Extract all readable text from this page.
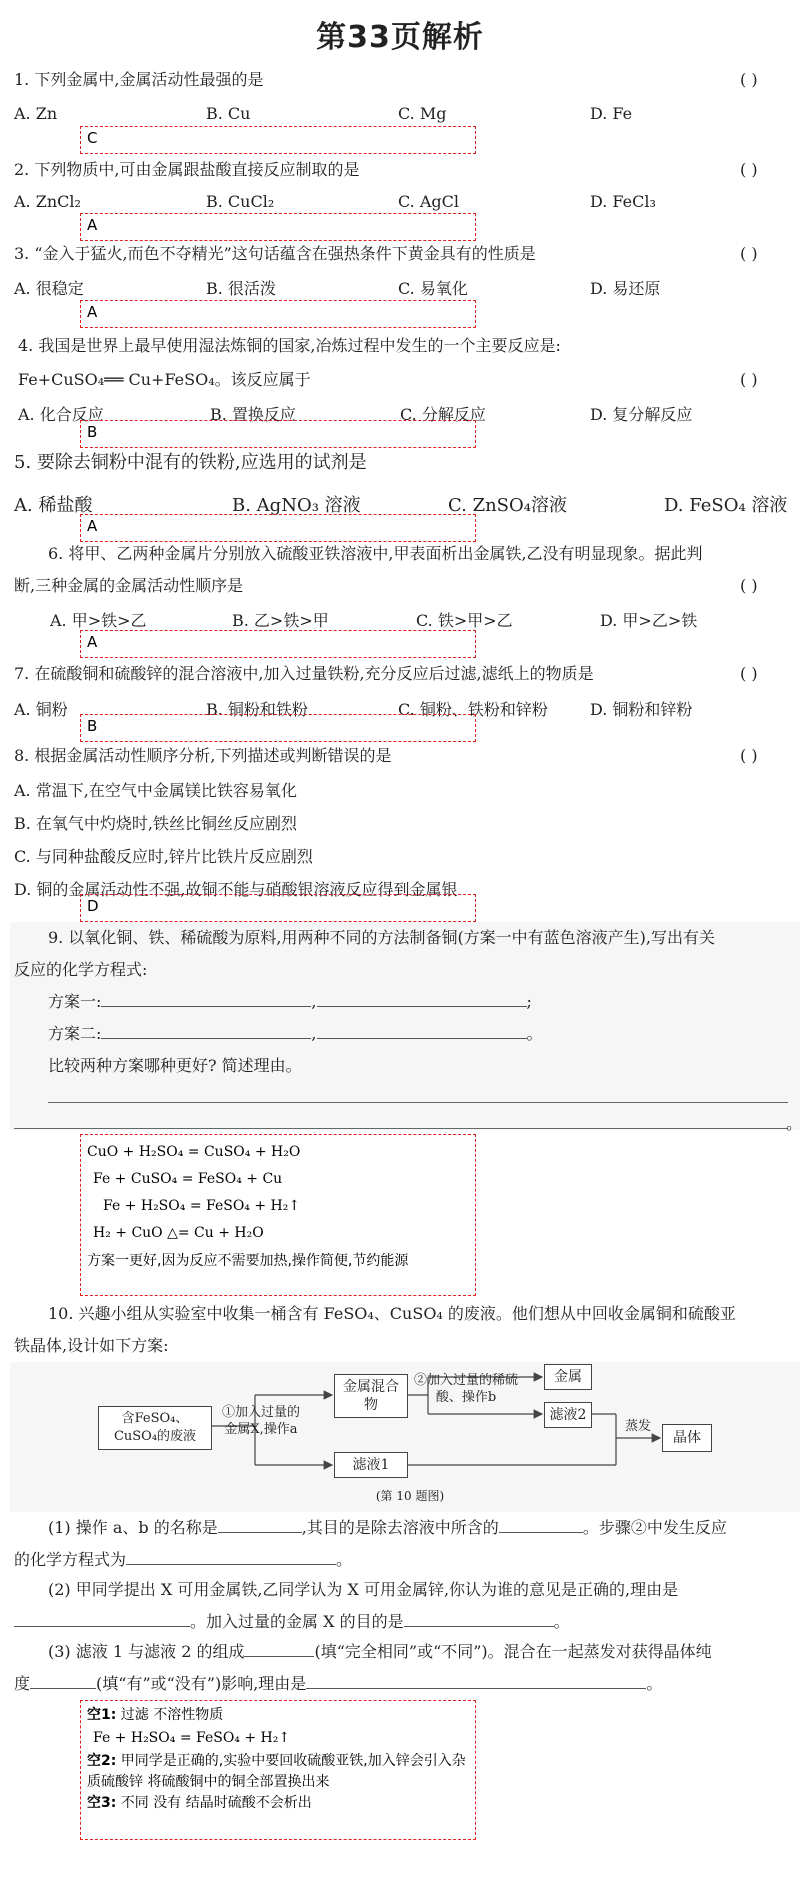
第33页解析
1. 下列金属中,金属活动性最强的是	( )
A. Zn	B. Cu	C. Mg	D. Fe
C
2. 下列物质中,可由金属跟盐酸直接反应制取的是	( )
A. ZnCl₂	B. CuCl₂	C. AgCl	D. FeCl₃
A
3. “金入于猛火,而色不夺精光”这句话蕴含在强热条件下黄金具有的性质是	( )
A. 很稳定	B. 很活泼	C. 易氧化	D. 易还原
A
4. 我国是世界上最早使用湿法炼铜的国家,冶炼过程中发生的一个主要反应是:
Fe+CuSO₄══ Cu+FeSO₄。该反应属于	( )
A. 化合反应	B. 置换反应	C. 分解反应	D. 复分解反应
B
5. 要除去铜粉中混有的铁粉,应选用的试剂是
A. 稀盐酸	B. AgNO₃ 溶液	C. ZnSO₄溶液	D. FeSO₄ 溶液
A
6. 将甲、乙两种金属片分别放入硫酸亚铁溶液中,甲表面析出金属铁,乙没有明显现象。据此判
断,三种金属的金属活动性顺序是	( )
A. 甲>铁>乙	B. 乙>铁>甲	C. 铁>甲>乙	D. 甲>乙>铁
A
7. 在硫酸铜和硫酸锌的混合溶液中,加入过量铁粉,充分反应后过滤,滤纸上的物质是	( )
A. 铜粉	B. 铜粉和铁粉	C. 铜粉、铁粉和锌粉	D. 铜粉和锌粉
B
8. 根据金属活动性顺序分析,下列描述或判断错误的是	( )
A. 常温下,在空气中金属镁比铁容易氧化
B. 在氧气中灼烧时,铁丝比铜丝反应剧烈
C. 与同种盐酸反应时,锌片比铁片反应剧烈
D. 铜的金属活动性不强,故铜不能与硝酸银溶液反应得到金属银
D
9. 以氧化铜、铁、稀硫酸为原料,用两种不同的方法制备铜(方案一中有蓝色溶液产生),写出有关
反应的化学方程式:
方案一:	,	;
方案二:	,	。
比较两种方案哪种更好? 简述理由。
。
CuO + H₂SO₄ = CuSO₄ + H₂O
Fe + CuSO₄ = FeSO₄ + Cu
Fe + H₂SO₄ = FeSO₄ + H₂↑
H₂ + CuO △= Cu + H₂O
方案一更好,因为反应不需要加热,操作简便,节约能源
10. 兴趣小组从实验室中收集一桶含有 FeSO₄、CuSO₄ 的废液。他们想从中回收金属铜和硫酸亚
铁晶体,设计如下方案:
含FeSO₄、CuSO₄的废液
①加入过量的金属X,操作a
金属混合物
②加入过量的稀硫酸、操作b
金属
滤液2
蒸发
晶体
滤液1
(第 10 题图)
(1) 操作 a、b 的名称是	,其目的是除去溶液中所含的	。步骤②中发生反应
的化学方程式为	。
(2) 甲同学提出 X 可用金属铁,乙同学认为 X 可用金属锌,你认为谁的意见是正确的,理由是
。加入过量的金属 X 的目的是	。
(3) 滤液 1 与滤液 2 的组成	(填“完全相同”或“不同”)。混合在一起蒸发对获得晶体纯
度	(填“有”或“没有”)影响,理由是	。
空1: 过滤 不溶性物质
Fe + H₂SO₄ = FeSO₄ + H₂↑
空2: 甲同学是正确的,实验中要回收硫酸亚铁,加入锌会引入杂质硫酸锌 将硫酸铜中的铜全部置换出来
空3: 不同 没有 结晶时硫酸不会析出
